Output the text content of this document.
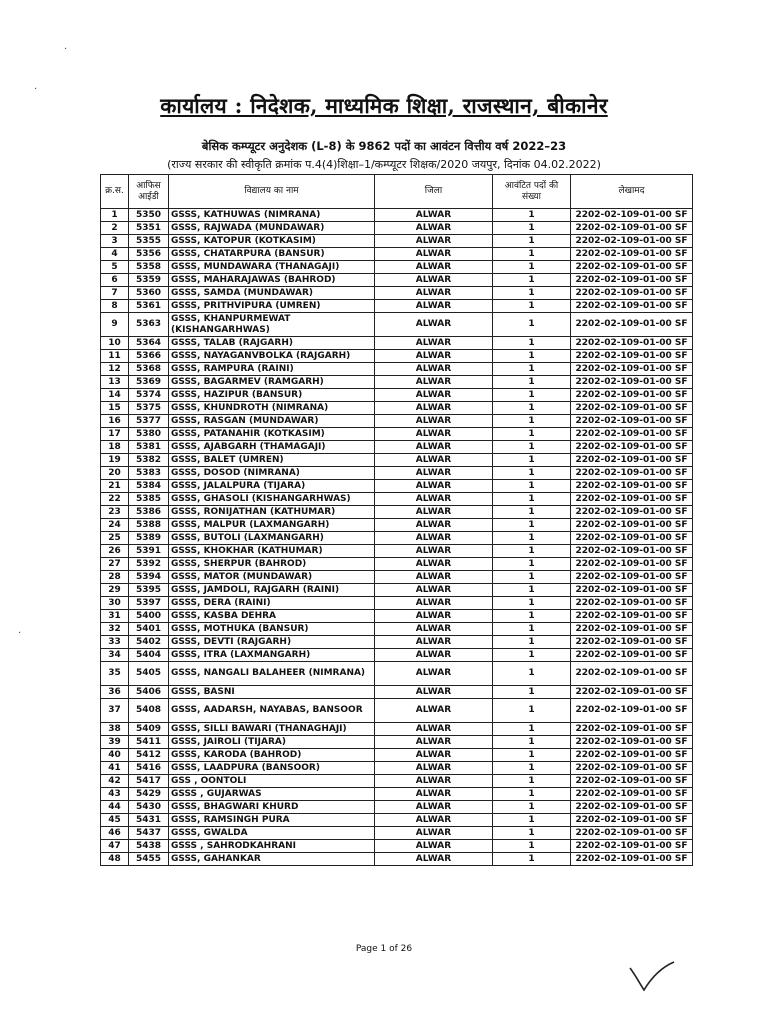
कार्यालय : निदेशक, माध्यमिक शिक्षा, राजस्थान, बीकानेर
बेसिक कम्प्यूटर अनुदेशक (L-8) के 9862 पदों का आवंटन वित्तीय वर्ष 2022–23
(राज्य सरकार की स्वीकृति क्रमांक प.4(4)शिक्षा–1/कम्प्यूटर शिक्षक/2020 जयपुर, दिनांक 04.02.2022)
·
·
·
क्र.स.	आफिस आईडी	विद्यालय का नाम	जिला	आवंटित पदों की संख्या	लेखामद
1	5350	GSSS, KATHUWAS (NIMRANA)	ALWAR	1	2202-02-109-01-00 SF
2	5351	GSSS, RAJWADA (MUNDAWAR)	ALWAR	1	2202-02-109-01-00 SF
3	5355	GSSS, KATOPUR (KOTKASIM)	ALWAR	1	2202-02-109-01-00 SF
4	5356	GSSS, CHATARPURA (BANSUR)	ALWAR	1	2202-02-109-01-00 SF
5	5358	GSSS, MUNDAWARA (THANAGAJI)	ALWAR	1	2202-02-109-01-00 SF
6	5359	GSSS, MAHARAJAWAS (BAHROD)	ALWAR	1	2202-02-109-01-00 SF
7	5360	GSSS, SAMDA (MUNDAWAR)	ALWAR	1	2202-02-109-01-00 SF
8	5361	GSSS, PRITHVIPURA (UMREN)	ALWAR	1	2202-02-109-01-00 SF
9	5363	GSSS, KHANPURMEWAT (KISHANGARHWAS)	ALWAR	1	2202-02-109-01-00 SF
10	5364	GSSS, TALAB (RAJGARH)	ALWAR	1	2202-02-109-01-00 SF
11	5366	GSSS, NAYAGANVBOLKA (RAJGARH)	ALWAR	1	2202-02-109-01-00 SF
12	5368	GSSS, RAMPURA (RAINI)	ALWAR	1	2202-02-109-01-00 SF
13	5369	GSSS, BAGARMEV (RAMGARH)	ALWAR	1	2202-02-109-01-00 SF
14	5374	GSSS, HAZIPUR (BANSUR)	ALWAR	1	2202-02-109-01-00 SF
15	5375	GSSS, KHUNDROTH (NIMRANA)	ALWAR	1	2202-02-109-01-00 SF
16	5377	GSSS, RASGAN (MUNDAWAR)	ALWAR	1	2202-02-109-01-00 SF
17	5380	GSSS, PATANAHIR (KOTKASIM)	ALWAR	1	2202-02-109-01-00 SF
18	5381	GSSS, AJABGARH (THAMAGAJI)	ALWAR	1	2202-02-109-01-00 SF
19	5382	GSSS, BALET (UMREN)	ALWAR	1	2202-02-109-01-00 SF
20	5383	GSSS, DOSOD (NIMRANA)	ALWAR	1	2202-02-109-01-00 SF
21	5384	GSSS, JALALPURA (TIJARA)	ALWAR	1	2202-02-109-01-00 SF
22	5385	GSSS, GHASOLI (KISHANGARHWAS)	ALWAR	1	2202-02-109-01-00 SF
23	5386	GSSS, RONIJATHAN (KATHUMAR)	ALWAR	1	2202-02-109-01-00 SF
24	5388	GSSS, MALPUR (LAXMANGARH)	ALWAR	1	2202-02-109-01-00 SF
25	5389	GSSS, BUTOLI (LAXMANGARH)	ALWAR	1	2202-02-109-01-00 SF
26	5391	GSSS, KHOKHAR (KATHUMAR)	ALWAR	1	2202-02-109-01-00 SF
27	5392	GSSS, SHERPUR (BAHROD)	ALWAR	1	2202-02-109-01-00 SF
28	5394	GSSS, MATOR (MUNDAWAR)	ALWAR	1	2202-02-109-01-00 SF
29	5395	GSSS, JAMDOLI, RAJGARH (RAINI)	ALWAR	1	2202-02-109-01-00 SF
30	5397	GSSS, DERA (RAINI)	ALWAR	1	2202-02-109-01-00 SF
31	5400	GSSS, KASBA DEHRA	ALWAR	1	2202-02-109-01-00 SF
32	5401	GSSS, MOTHUKA (BANSUR)	ALWAR	1	2202-02-109-01-00 SF
33	5402	GSSS, DEVTI (RAJGARH)	ALWAR	1	2202-02-109-01-00 SF
34	5404	GSSS, ITRA (LAXMANGARH)	ALWAR	1	2202-02-109-01-00 SF
35	5405	GSSS, NANGALI BALAHEER (NIMRANA)	ALWAR	1	2202-02-109-01-00 SF
36	5406	GSSS, BASNI	ALWAR	1	2202-02-109-01-00 SF
37	5408	GSSS, AADARSH, NAYABAS, BANSOOR	ALWAR	1	2202-02-109-01-00 SF
38	5409	GSSS, SILLI BAWARI (THANAGHAJI)	ALWAR	1	2202-02-109-01-00 SF
39	5411	GSSS, JAIROLI (TIJARA)	ALWAR	1	2202-02-109-01-00 SF
40	5412	GSSS, KARODA (BAHROD)	ALWAR	1	2202-02-109-01-00 SF
41	5416	GSSS, LAADPURA (BANSOOR)	ALWAR	1	2202-02-109-01-00 SF
42	5417	GSS , OONTOLI	ALWAR	1	2202-02-109-01-00 SF
43	5429	GSSS , GUJARWAS	ALWAR	1	2202-02-109-01-00 SF
44	5430	GSSS, BHAGWARI KHURD	ALWAR	1	2202-02-109-01-00 SF
45	5431	GSSS, RAMSINGH PURA	ALWAR	1	2202-02-109-01-00 SF
46	5437	GSSS, GWALDA	ALWAR	1	2202-02-109-01-00 SF
47	5438	GSSS , SAHRODKAHRANI	ALWAR	1	2202-02-109-01-00 SF
48	5455	GSSS, GAHANKAR	ALWAR	1	2202-02-109-01-00 SF
Page 1 of 26
